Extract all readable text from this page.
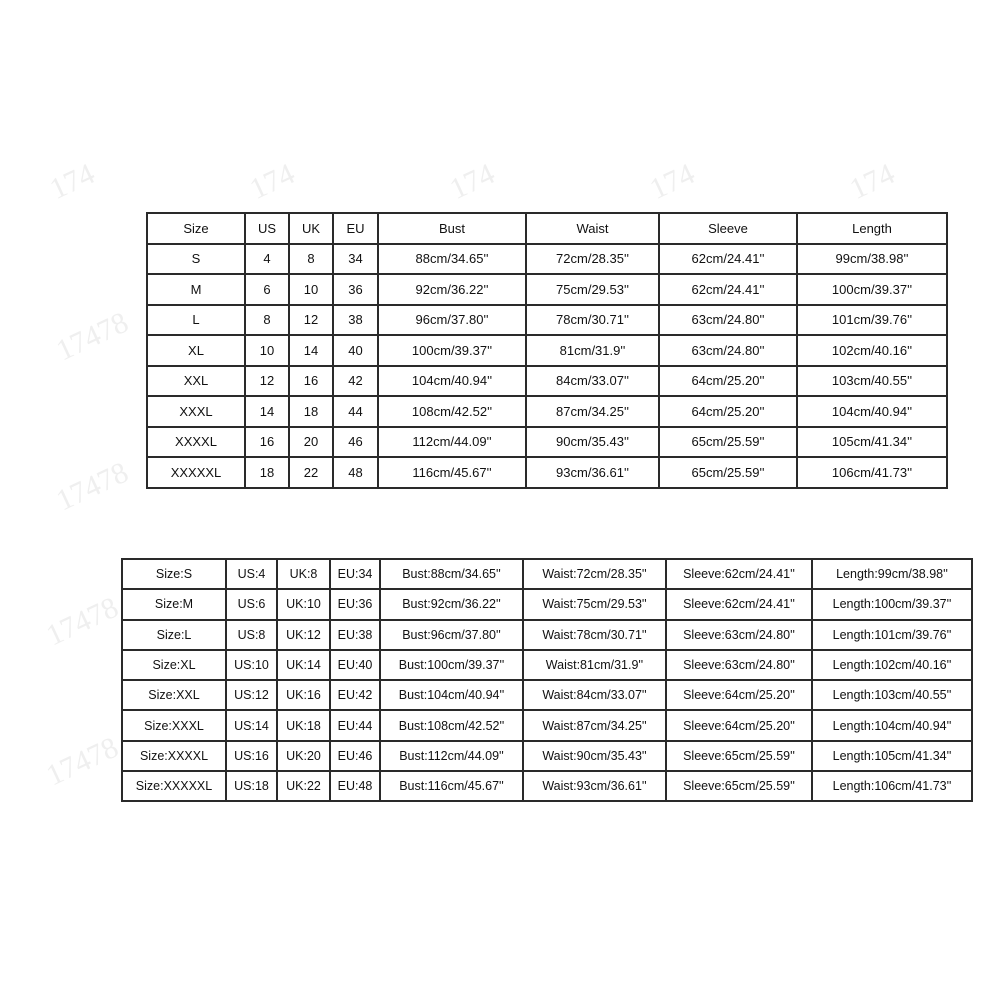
174	174	174	174	174
17478
17478
17478
17478
Size	US	UK	EU	Bust	Waist	Sleeve	Length
S	4	8	34	88cm/34.65''	72cm/28.35''	62cm/24.41''	99cm/38.98''
M	6	10	36	92cm/36.22''	75cm/29.53''	62cm/24.41''	100cm/39.37''
L	8	12	38	96cm/37.80''	78cm/30.71''	63cm/24.80''	101cm/39.76''
XL	10	14	40	100cm/39.37''	81cm/31.9''	63cm/24.80''	102cm/40.16''
XXL	12	16	42	104cm/40.94''	84cm/33.07''	64cm/25.20''	103cm/40.55''
XXXL	14	18	44	108cm/42.52''	87cm/34.25''	64cm/25.20''	104cm/40.94''
XXXXL	16	20	46	112cm/44.09''	90cm/35.43''	65cm/25.59''	105cm/41.34''
XXXXXL	18	22	48	116cm/45.67''	93cm/36.61''	65cm/25.59''	106cm/41.73''
Size:S	US:4	UK:8	EU:34	Bust:88cm/34.65''	Waist:72cm/28.35''	Sleeve:62cm/24.41''	Length:99cm/38.98''
Size:M	US:6	UK:10	EU:36	Bust:92cm/36.22''	Waist:75cm/29.53''	Sleeve:62cm/24.41''	Length:100cm/39.37''
Size:L	US:8	UK:12	EU:38	Bust:96cm/37.80''	Waist:78cm/30.71''	Sleeve:63cm/24.80''	Length:101cm/39.76''
Size:XL	US:10	UK:14	EU:40	Bust:100cm/39.37''	Waist:81cm/31.9''	Sleeve:63cm/24.80''	Length:102cm/40.16''
Size:XXL	US:12	UK:16	EU:42	Bust:104cm/40.94''	Waist:84cm/33.07''	Sleeve:64cm/25.20''	Length:103cm/40.55''
Size:XXXL	US:14	UK:18	EU:44	Bust:108cm/42.52''	Waist:87cm/34.25''	Sleeve:64cm/25.20''	Length:104cm/40.94''
Size:XXXXL	US:16	UK:20	EU:46	Bust:112cm/44.09''	Waist:90cm/35.43''	Sleeve:65cm/25.59''	Length:105cm/41.34''
Size:XXXXXL	US:18	UK:22	EU:48	Bust:116cm/45.67''	Waist:93cm/36.61''	Sleeve:65cm/25.59''	Length:106cm/41.73''
